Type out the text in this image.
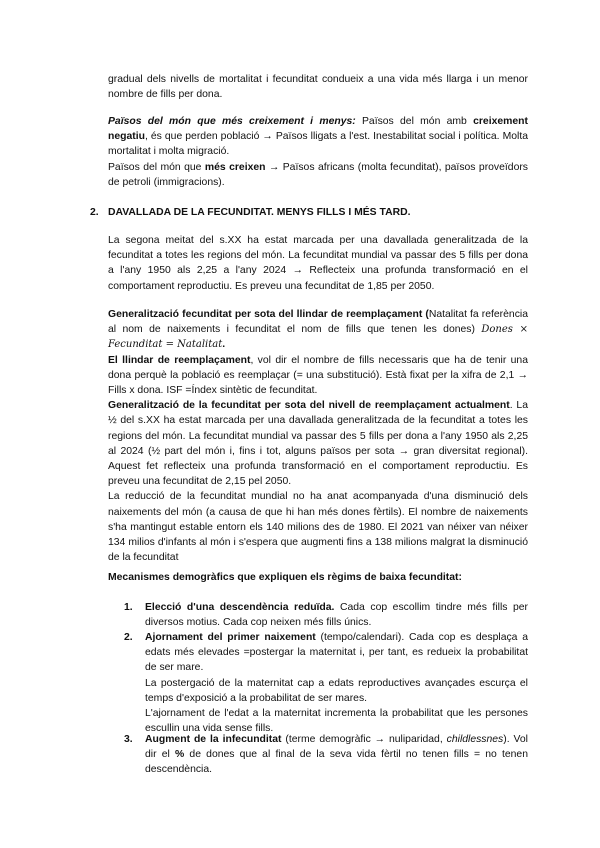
gradual dels nivells de mortalitat i fecunditat condueix a una vida més llarga i un menor nombre de fills per dona.

Països del món que més creixement i menys: Països del món amb creixement negatiu, és que perden població → Països lligats a l'est. Inestabilitat social i política. Molta mortalitat i molta migració.
Països del món que més creixen → Països africans (molta fecunditat), països proveïdors de petroli (immigracions).

2. DAVALLADA DE LA FECUNDITAT. MENYS FILLS I MÉS TARD.

La segona meitat del s.XX ha estat marcada per una davallada generalitzada de la fecunditat a totes les regions del món. La fecunditat mundial va passar des 5 fills per dona a l'any 1950 als 2,25 a l'any 2024 → Reflecteix una profunda transformació en el comportament reproductiu. Es preveu una fecunditat de 1,85 per 2050.

Generalització fecunditat per sota del llindar de reemplaçament (Natalitat fa referència al nom de naixements i fecunditat el nom de fills que tenen les dones) Dones × Fecunditat = Natalitat.
El llindar de reemplaçament, vol dir el nombre de fills necessaris que ha de tenir una dona perquè la població es reemplaçar (= una substitució). Està fixat per la xifra de 2,1 → Fills x dona. ISF =Índex sintètic de fecunditat.
Generalització de la fecunditat per sota del nivell de reemplaçament actualment. La ½ del s.XX ha estat marcada per una davallada generalitzada de la fecunditat a totes les regions del món. La fecunditat mundial va passar des 5 fills per dona a l'any 1950 als 2,25 al 2024 (½ part del món i, fins i tot, alguns països per sota → gran diversitat regional). Aquest fet reflecteix una profunda transformació en el comportament reproductiu. Es preveu una fecunditat de 2,15 pel 2050.
La reducció de la fecunditat mundial no ha anat acompanyada d'una disminució dels naixements del món (a causa de que hi han més dones fèrtils). El nombre de naixements s'ha mantingut estable entorn els 140 milions des de 1980. El 2021 van néixer van néixer 134 milios d'infants al món i s'espera que augmenti fins a 138 milions malgrat la disminució de la fecunditat

Mecanismes demogràfics que expliquen els règims de baixa fecunditat:

1. Elecció d'una descendència reduïda. Cada cop escollim tindre més fills per diversos motius. Cada cop neixen més fills únics.

2. Ajornament del primer naixement (tempo/calendari). Cada cop es desplaça a edats més elevades =postergar la maternitat i, per tant, es redueix la probabilitat de ser mare.
La postergació de la maternitat cap a edats reproductives avançades escurça el temps d'exposició a la probabilitat de ser mares.
L'ajornament de l'edat a la maternitat incrementa la probabilitat que les persones escullin una vida sense fills.

3. Augment de la infecunditat (terme demogràfic → nuliparidad, childlessnes). Vol dir el % de dones que al final de la seva vida fèrtil no tenen fills = no tenen descendència.
